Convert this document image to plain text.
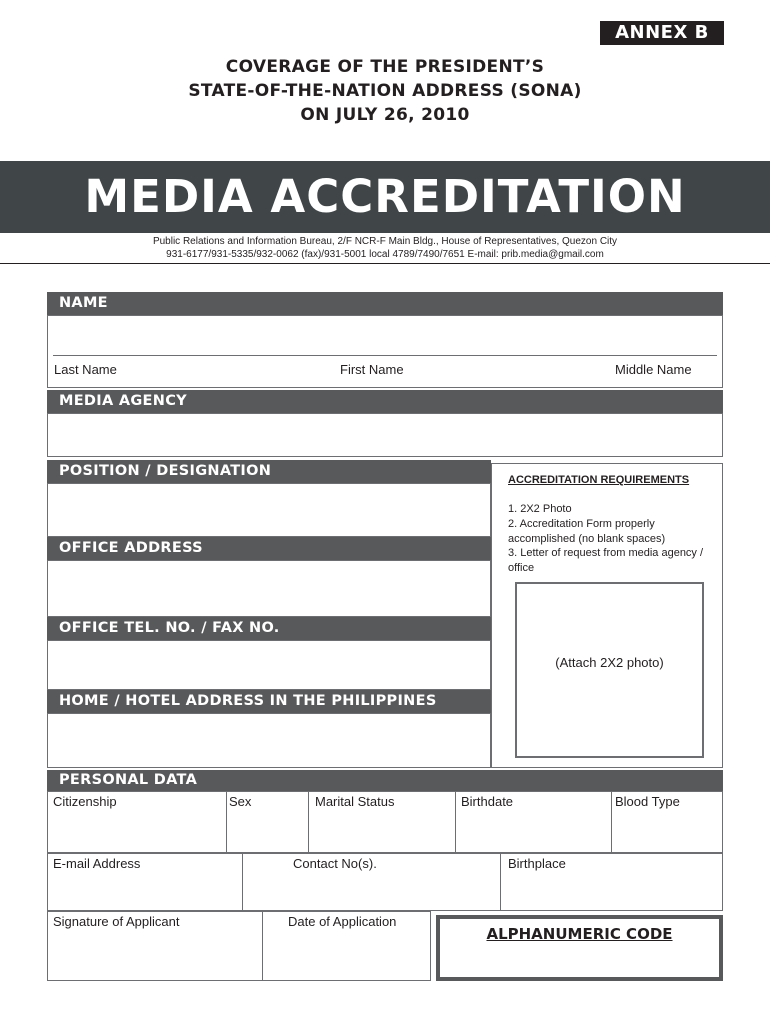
ANNEX B
COVERAGE OF THE PRESIDENT’S
STATE-OF-THE-NATION ADDRESS (SONA)
ON JULY 26, 2010
MEDIA ACCREDITATION
Public Relations and Information Bureau, 2/F NCR-F Main Bldg., House of Representatives, Quezon City
931-6177/931-5335/932-0062 (fax)/931-5001 local 4789/7490/7651 E-mail: prib.media@gmail.com
NAME
Last Name	First Name	Middle Name
MEDIA AGENCY
POSITION / DESIGNATION
OFFICE ADDRESS
OFFICE TEL. NO. / FAX NO.
HOME / HOTEL ADDRESS IN THE PHILIPPINES
ACCREDITATION REQUIREMENTS
1. 2X2 Photo
2. Accreditation Form properly accomplished (no blank spaces)
3. Letter of request from media agency / office
(Attach 2X2 photo)
PERSONAL DATA
Citizenship	Sex	Marital Status	Birthdate	Blood Type
E-mail Address	Contact No(s).	Birthplace
Signature of Applicant	Date of Application
ALPHANUMERIC CODE
